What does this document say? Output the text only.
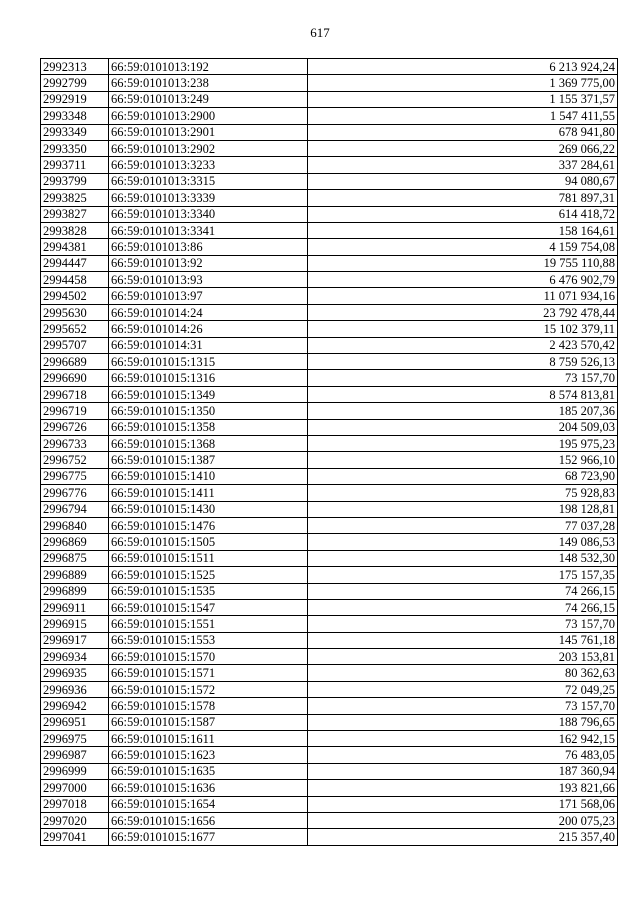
617
2992313	66:59:0101013:192	6 213 924,24
2992799	66:59:0101013:238	1 369 775,00
2992919	66:59:0101013:249	1 155 371,57
2993348	66:59:0101013:2900	1 547 411,55
2993349	66:59:0101013:2901	678 941,80
2993350	66:59:0101013:2902	269 066,22
2993711	66:59:0101013:3233	337 284,61
2993799	66:59:0101013:3315	94 080,67
2993825	66:59:0101013:3339	781 897,31
2993827	66:59:0101013:3340	614 418,72
2993828	66:59:0101013:3341	158 164,61
2994381	66:59:0101013:86	4 159 754,08
2994447	66:59:0101013:92	19 755 110,88
2994458	66:59:0101013:93	6 476 902,79
2994502	66:59:0101013:97	11 071 934,16
2995630	66:59:0101014:24	23 792 478,44
2995652	66:59:0101014:26	15 102 379,11
2995707	66:59:0101014:31	2 423 570,42
2996689	66:59:0101015:1315	8 759 526,13
2996690	66:59:0101015:1316	73 157,70
2996718	66:59:0101015:1349	8 574 813,81
2996719	66:59:0101015:1350	185 207,36
2996726	66:59:0101015:1358	204 509,03
2996733	66:59:0101015:1368	195 975,23
2996752	66:59:0101015:1387	152 966,10
2996775	66:59:0101015:1410	68 723,90
2996776	66:59:0101015:1411	75 928,83
2996794	66:59:0101015:1430	198 128,81
2996840	66:59:0101015:1476	77 037,28
2996869	66:59:0101015:1505	149 086,53
2996875	66:59:0101015:1511	148 532,30
2996889	66:59:0101015:1525	175 157,35
2996899	66:59:0101015:1535	74 266,15
2996911	66:59:0101015:1547	74 266,15
2996915	66:59:0101015:1551	73 157,70
2996917	66:59:0101015:1553	145 761,18
2996934	66:59:0101015:1570	203 153,81
2996935	66:59:0101015:1571	80 362,63
2996936	66:59:0101015:1572	72 049,25
2996942	66:59:0101015:1578	73 157,70
2996951	66:59:0101015:1587	188 796,65
2996975	66:59:0101015:1611	162 942,15
2996987	66:59:0101015:1623	76 483,05
2996999	66:59:0101015:1635	187 360,94
2997000	66:59:0101015:1636	193 821,66
2997018	66:59:0101015:1654	171 568,06
2997020	66:59:0101015:1656	200 075,23
2997041	66:59:0101015:1677	215 357,40
